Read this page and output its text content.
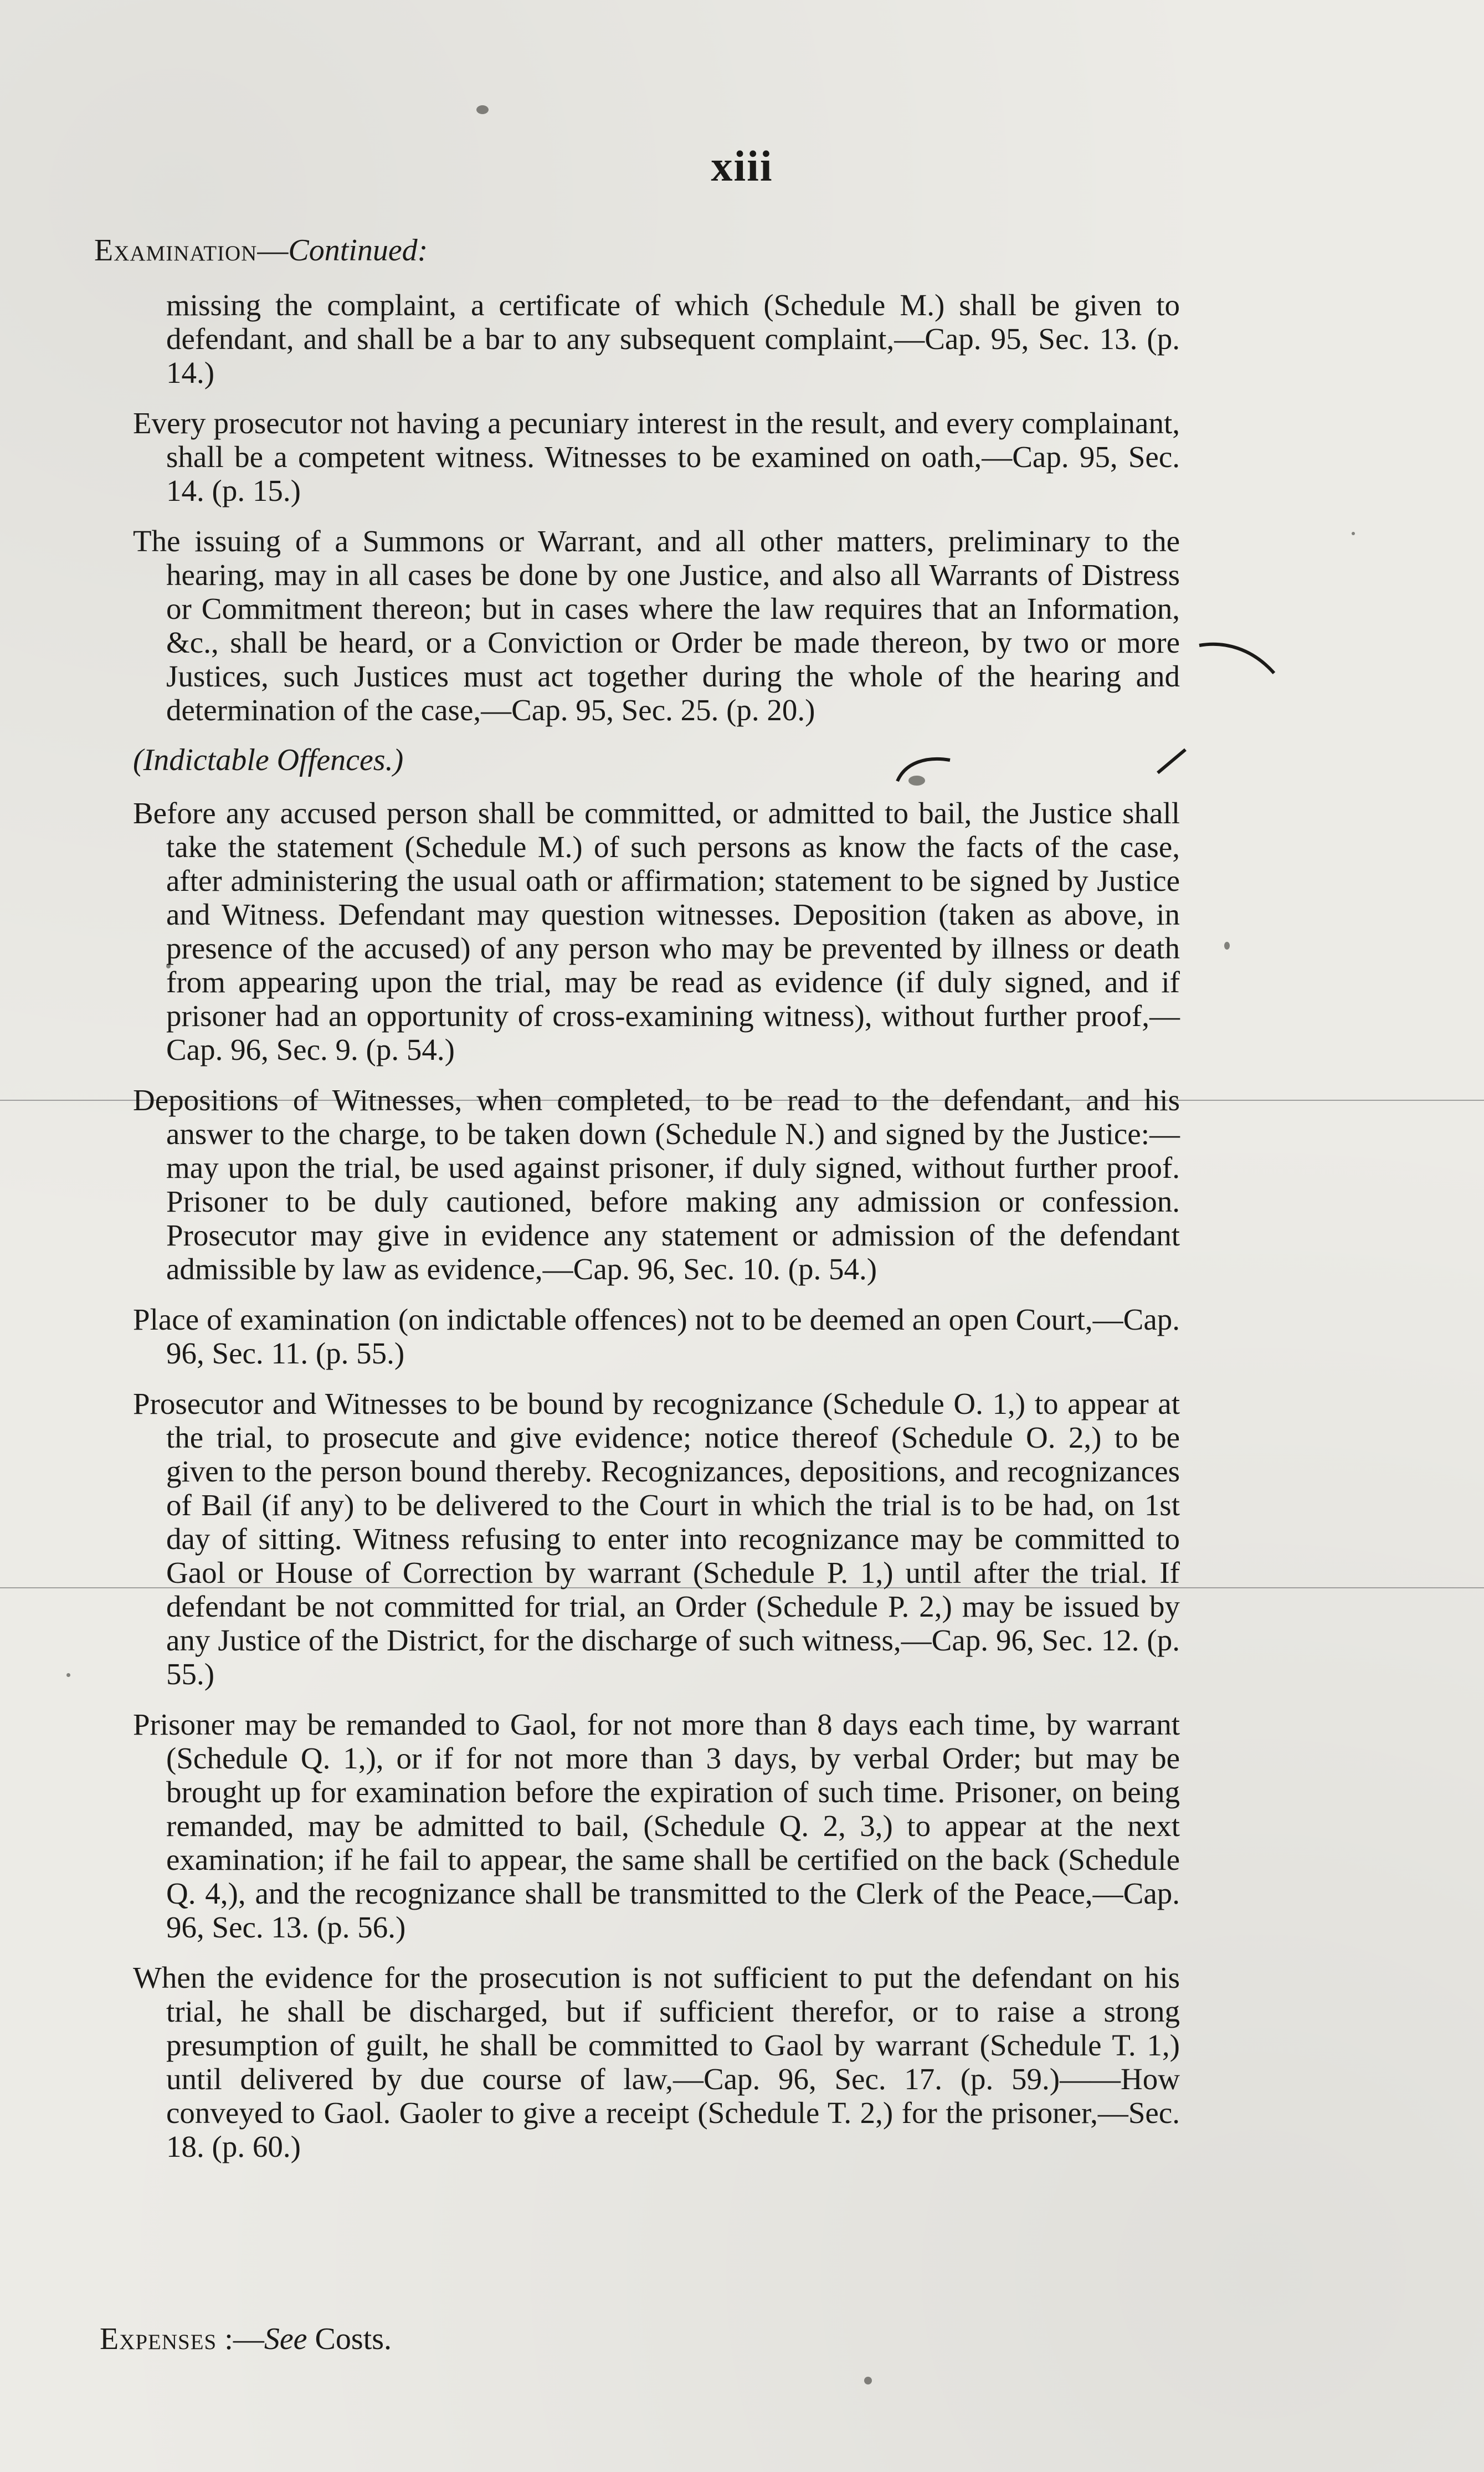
xiii
Examination—Continued:

missing the complaint, a certificate of which (Schedule M.) shall be given to defendant, and shall be a bar to any subsequent complaint,—Cap. 95, Sec. 13. (p. 14.)

Every prosecutor not having a pecuniary interest in the result, and every complainant, shall be a competent witness. Witnesses to be examined on oath,—Cap. 95, Sec. 14. (p. 15.)

The issuing of a Summons or Warrant, and all other matters, preliminary to the hearing, may in all cases be done by one Justice, and also all Warrants of Distress or Commitment thereon; but in cases where the law requires that an Information, &c., shall be heard, or a Conviction or Order be made thereon, by two or more Justices, such Justices must act together during the whole of the hearing and determination of the case,—Cap. 95, Sec. 25. (p. 20.)

(Indictable Offences.)

Before any accused person shall be committed, or admitted to bail, the Justice shall take the statement (Schedule M.) of such persons as know the facts of the case, after administering the usual oath or affirmation; statement to be signed by Justice and Witness. Defendant may question witnesses. Deposition (taken as above, in presence of the accused) of any person who may be prevented by illness or death from appearing upon the trial, may be read as evidence (if duly signed, and if prisoner had an opportunity of cross-examining witness), without further proof,—Cap. 96, Sec. 9. (p. 54.)

Depositions of Witnesses, when completed, to be read to the defendant, and his answer to the charge, to be taken down (Schedule N.) and signed by the Justice:—may upon the trial, be used against prisoner, if duly signed, without further proof. Prisoner to be duly cautioned, before making any admission or confession. Prosecutor may give in evidence any statement or admission of the defendant admissible by law as evidence,—Cap. 96, Sec. 10. (p. 54.)

Place of examination (on indictable offences) not to be deemed an open Court,—Cap. 96, Sec. 11. (p. 55.)

Prosecutor and Witnesses to be bound by recognizance (Schedule O. 1,) to appear at the trial, to prosecute and give evidence; notice thereof (Schedule O. 2,) to be given to the person bound thereby. Recognizances, depositions, and recognizances of Bail (if any) to be delivered to the Court in which the trial is to be had, on 1st day of sitting. Witness refusing to enter into recognizance may be committed to Gaol or House of Correction by warrant (Schedule P. 1,) until after the trial. If defendant be not committed for trial, an Order (Schedule P. 2,) may be issued by any Justice of the District, for the discharge of such witness,—Cap. 96, Sec. 12. (p. 55.)

Prisoner may be remanded to Gaol, for not more than 8 days each time, by warrant (Schedule Q. 1,), or if for not more than 3 days, by verbal Order; but may be brought up for examination before the expiration of such time. Prisoner, on being remanded, may be admitted to bail, (Schedule Q. 2, 3,) to appear at the next examination; if he fail to appear, the same shall be certified on the back (Schedule Q. 4,), and the recognizance shall be transmitted to the Clerk of the Peace,—Cap. 96, Sec. 13. (p. 56.)

When the evidence for the prosecution is not sufficient to put the defendant on his trial, he shall be discharged, but if sufficient therefor, or to raise a strong presumption of guilt, he shall be committed to Gaol by warrant (Schedule T. 1,) until delivered by due course of law,—Cap. 96, Sec. 17. (p. 59.)——How conveyed to Gaol. Gaoler to give a receipt (Schedule T. 2,) for the prisoner,—Sec. 18. (p. 60.)

Expenses :—See Costs.
